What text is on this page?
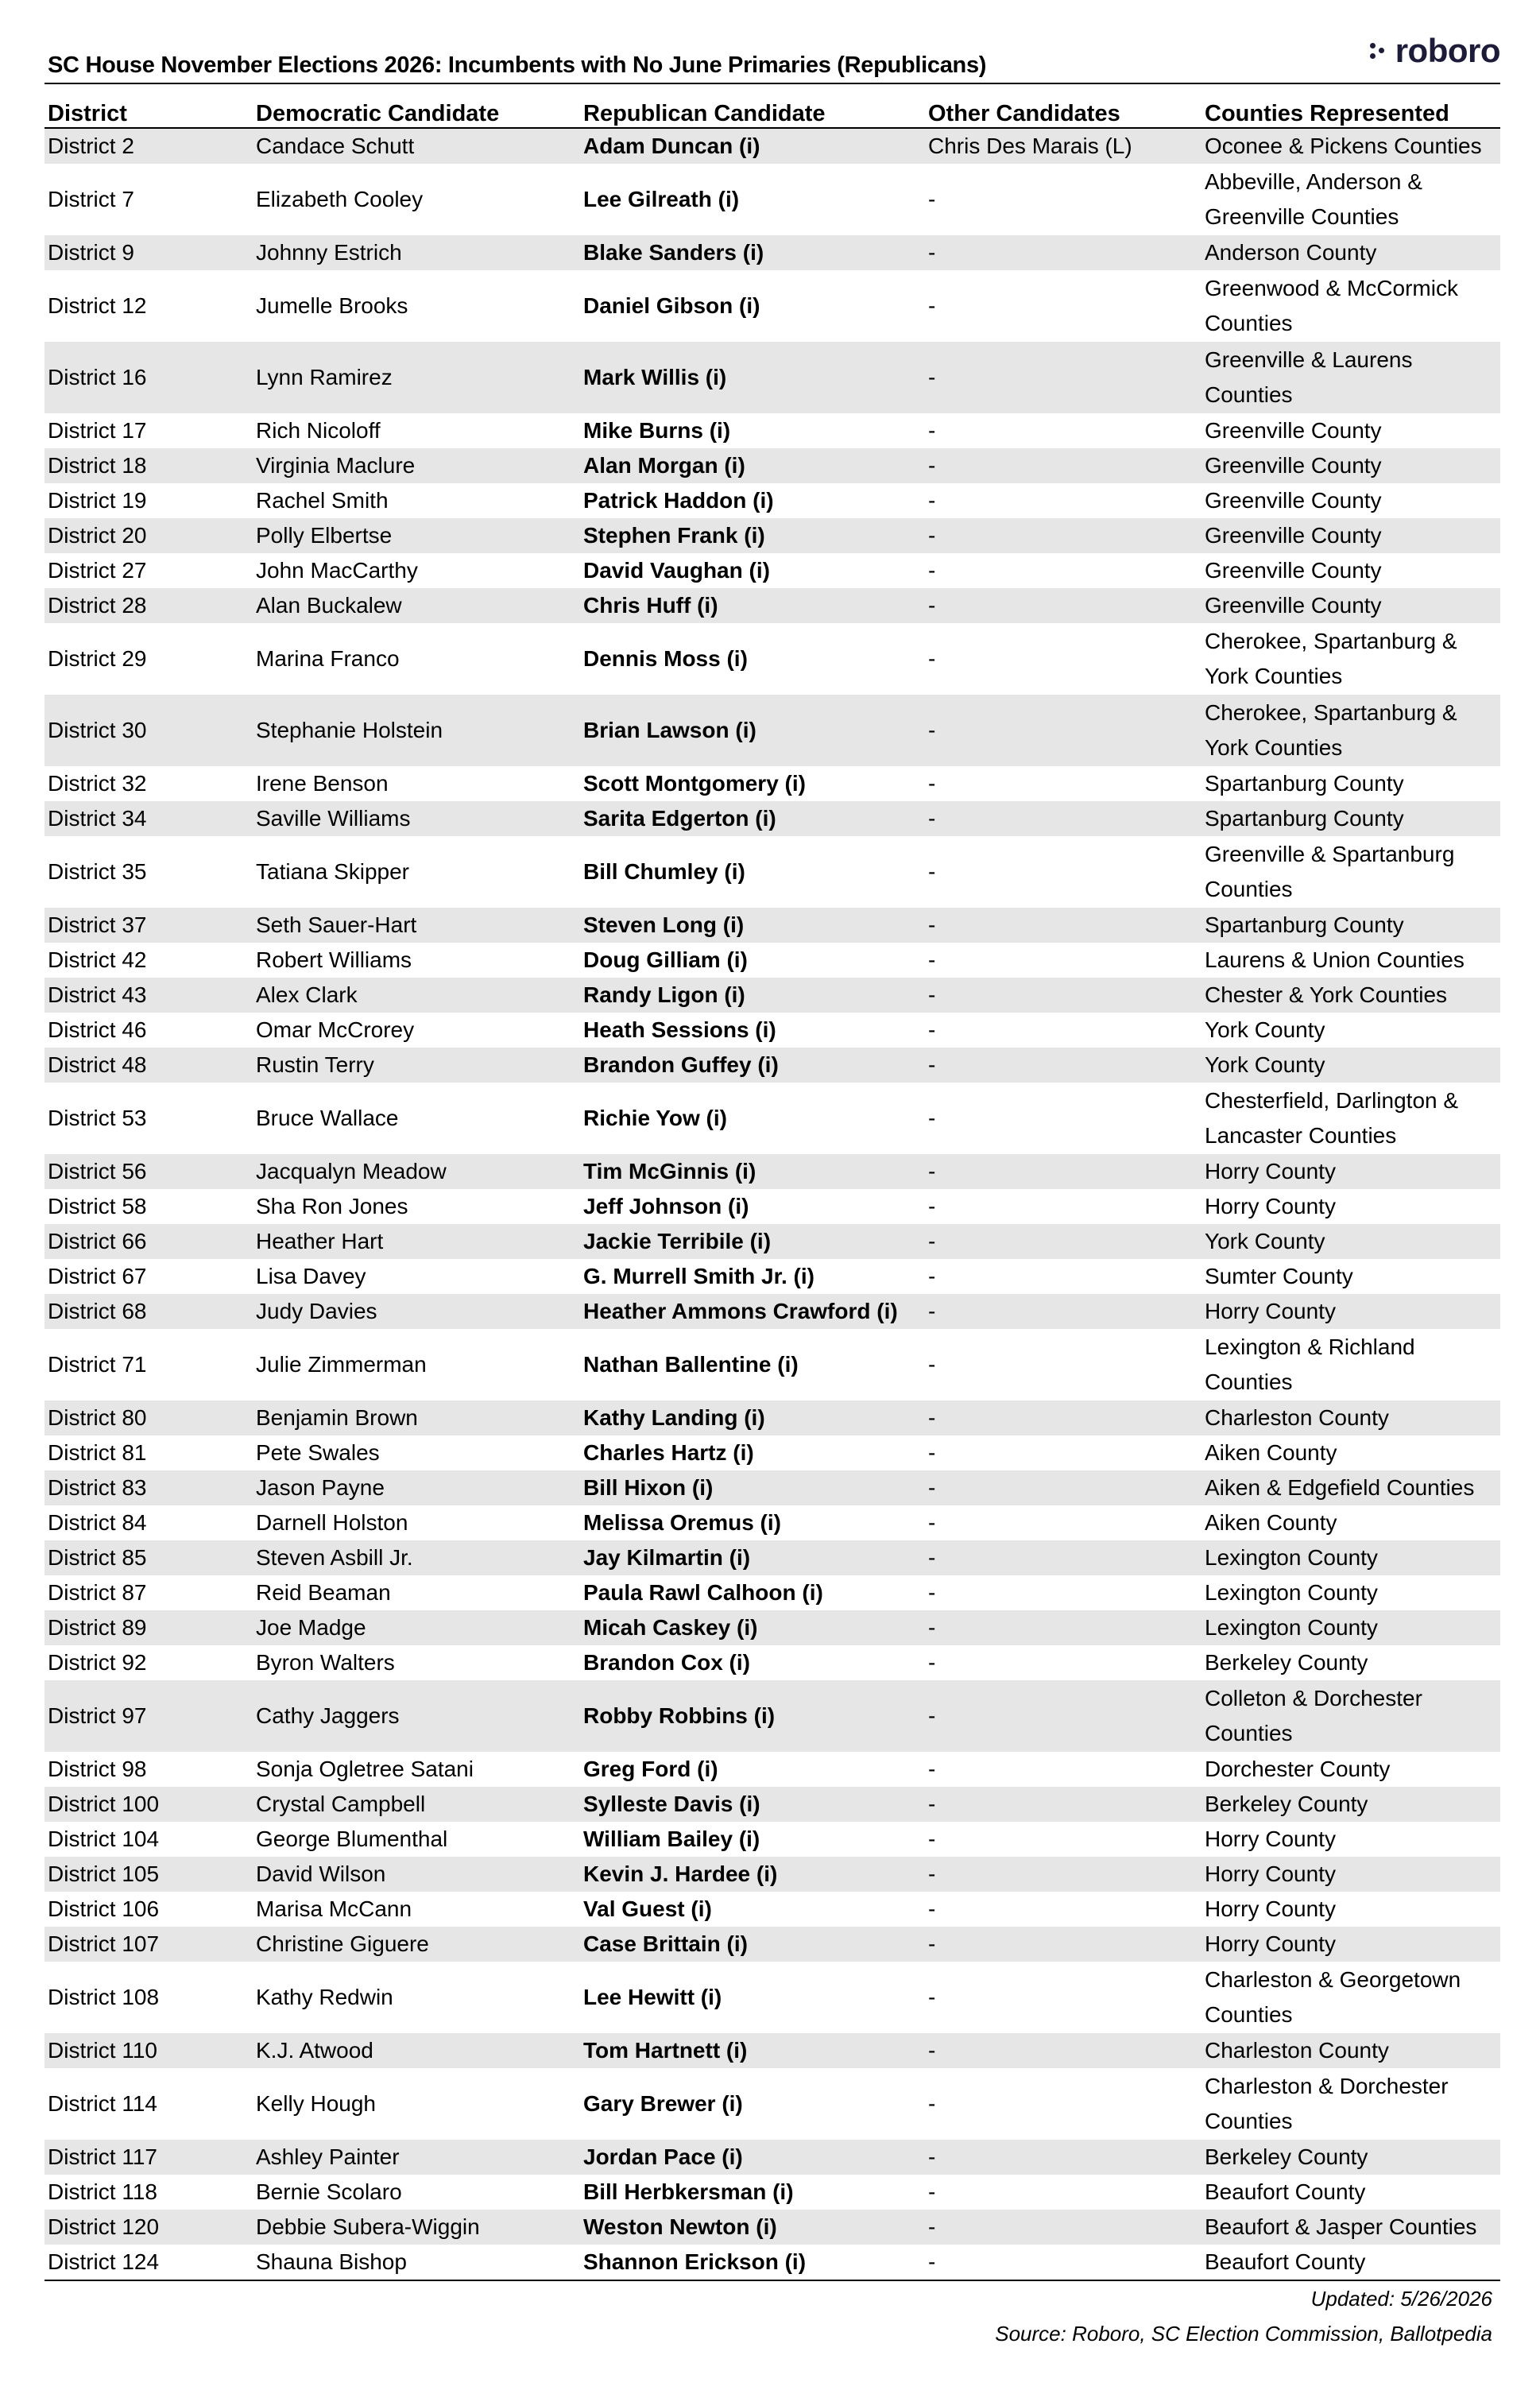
SC House November Elections 2026: Incumbents with No June Primaries (Republicans)	roboro
District	Democratic Candidate	Republican Candidate	Other Candidates	Counties Represented
District 2	Candace Schutt	Adam Duncan (i)	Chris Des Marais (L)	Oconee & Pickens Counties
District 7	Elizabeth Cooley	Lee Gilreath (i)	-	Abbeville, Anderson & Greenville Counties
District 9	Johnny Estrich	Blake Sanders (i)	-	Anderson County
District 12	Jumelle Brooks	Daniel Gibson (i)	-	Greenwood & McCormick Counties
District 16	Lynn Ramirez	Mark Willis (i)	-	Greenville & Laurens Counties
District 17	Rich Nicoloff	Mike Burns (i)	-	Greenville County
District 18	Virginia Maclure	Alan Morgan (i)	-	Greenville County
District 19	Rachel Smith	Patrick Haddon (i)	-	Greenville County
District 20	Polly Elbertse	Stephen Frank (i)	-	Greenville County
District 27	John MacCarthy	David Vaughan (i)	-	Greenville County
District 28	Alan Buckalew	Chris Huff (i)	-	Greenville County
District 29	Marina Franco	Dennis Moss (i)	-	Cherokee, Spartanburg & York Counties
District 30	Stephanie Holstein	Brian Lawson (i)	-	Cherokee, Spartanburg & York Counties
District 32	Irene Benson	Scott Montgomery (i)	-	Spartanburg County
District 34	Saville Williams	Sarita Edgerton (i)	-	Spartanburg County
District 35	Tatiana Skipper	Bill Chumley (i)	-	Greenville & Spartanburg Counties
District 37	Seth Sauer-Hart	Steven Long (i)	-	Spartanburg County
District 42	Robert Williams	Doug Gilliam (i)	-	Laurens & Union Counties
District 43	Alex Clark	Randy Ligon (i)	-	Chester & York Counties
District 46	Omar McCrorey	Heath Sessions (i)	-	York County
District 48	Rustin Terry	Brandon Guffey (i)	-	York County
District 53	Bruce Wallace	Richie Yow (i)	-	Chesterfield, Darlington & Lancaster Counties
District 56	Jacqualyn Meadow	Tim McGinnis (i)	-	Horry County
District 58	Sha Ron Jones	Jeff Johnson (i)	-	Horry County
District 66	Heather Hart	Jackie Terribile (i)	-	York County
District 67	Lisa Davey	G. Murrell Smith Jr. (i)	-	Sumter County
District 68	Judy Davies	Heather Ammons Crawford (i)	-	Horry County
District 71	Julie Zimmerman	Nathan Ballentine (i)	-	Lexington & Richland Counties
District 80	Benjamin Brown	Kathy Landing (i)	-	Charleston County
District 81	Pete Swales	Charles Hartz (i)	-	Aiken County
District 83	Jason Payne	Bill Hixon (i)	-	Aiken & Edgefield Counties
District 84	Darnell Holston	Melissa Oremus (i)	-	Aiken County
District 85	Steven Asbill Jr.	Jay Kilmartin (i)	-	Lexington County
District 87	Reid Beaman	Paula Rawl Calhoon (i)	-	Lexington County
District 89	Joe Madge	Micah Caskey (i)	-	Lexington County
District 92	Byron Walters	Brandon Cox (i)	-	Berkeley County
District 97	Cathy Jaggers	Robby Robbins (i)	-	Colleton & Dorchester Counties
District 98	Sonja Ogletree Satani	Greg Ford (i)	-	Dorchester County
District 100	Crystal Campbell	Sylleste Davis (i)	-	Berkeley County
District 104	George Blumenthal	William Bailey (i)	-	Horry County
District 105	David Wilson	Kevin J. Hardee (i)	-	Horry County
District 106	Marisa McCann	Val Guest (i)	-	Horry County
District 107	Christine Giguere	Case Brittain (i)	-	Horry County
District 108	Kathy Redwin	Lee Hewitt (i)	-	Charleston & Georgetown Counties
District 110	K.J. Atwood	Tom Hartnett (i)	-	Charleston County
District 114	Kelly Hough	Gary Brewer (i)	-	Charleston & Dorchester Counties
District 117	Ashley Painter	Jordan Pace (i)	-	Berkeley County
District 118	Bernie Scolaro	Bill Herbkersman (i)	-	Beaufort County
District 120	Debbie Subera-Wiggin	Weston Newton (i)	-	Beaufort & Jasper Counties
District 124	Shauna Bishop	Shannon Erickson (i)	-	Beaufort County
Updated: 5/26/2026
Source: Roboro, SC Election Commission, Ballotpedia
